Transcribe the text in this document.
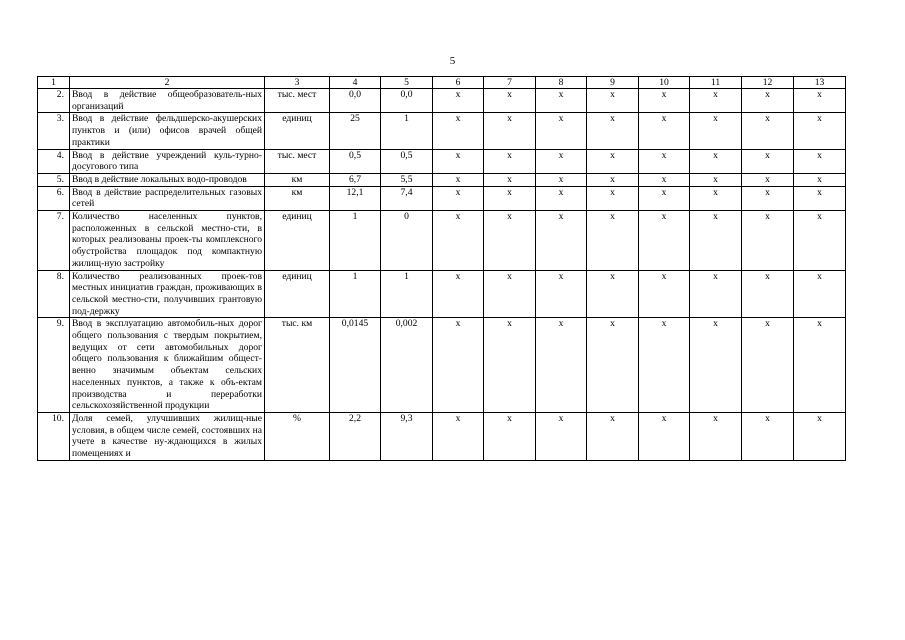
5
1	2	3	4	5	6	7	8	9	10	11	12	13
2.	Ввод в действие общеобразователь-ных организаций	тыс. мест	0,0	0,0	x	x	x	x	x	x	x	x
3.	Ввод в действие фельдшерско-акушерских пунктов и (или) офисов врачей общей практики	единиц	25	1	x	x	x	x	x	x	x	x
4.	Ввод в действие учреждений куль-турно-досугового типа	тыс. мест	0,5	0,5	x	x	x	x	x	x	x	x
5.	Ввод в действие локальных водо-проводов	км	6,7	5,5	x	x	x	x	x	x	x	x
6.	Ввод в действие распределительных газовых сетей	км	12,1	7,4	x	x	x	x	x	x	x	x
7.	Количество населенных пунктов, расположенных в сельской местно-сти, в которых реализованы проек-ты комплексного обустройства площадок под компактную жилищ-ную застройку	единиц	1	0	x	x	x	x	x	x	x	x
8.	Количество реализованных проек-тов местных инициатив граждан, проживающих в сельской местно-сти, получивших грантовую под-держку	единиц	1	1	x	x	x	x	x	x	x	x
9.	Ввод в эксплуатацию автомобиль-ных дорог общего пользования с твердым покрытием, ведущих от сети автомобильных дорог общего пользования к ближайшим общест-венно значимым объектам сельских населенных пунктов, а также к объ-ектам производства и переработки сельскохозяйственной продукции	тыс. км	0,0145	0,002	x	x	x	x	x	x	x	x
10.	Доля семей, улучшивших жилищ-ные условия, в общем числе семей, состоявших на учете в качестве ну-ждающихся в жилых помещениях и	%	2,2	9,3	x	x	x	x	x	x	x	x
